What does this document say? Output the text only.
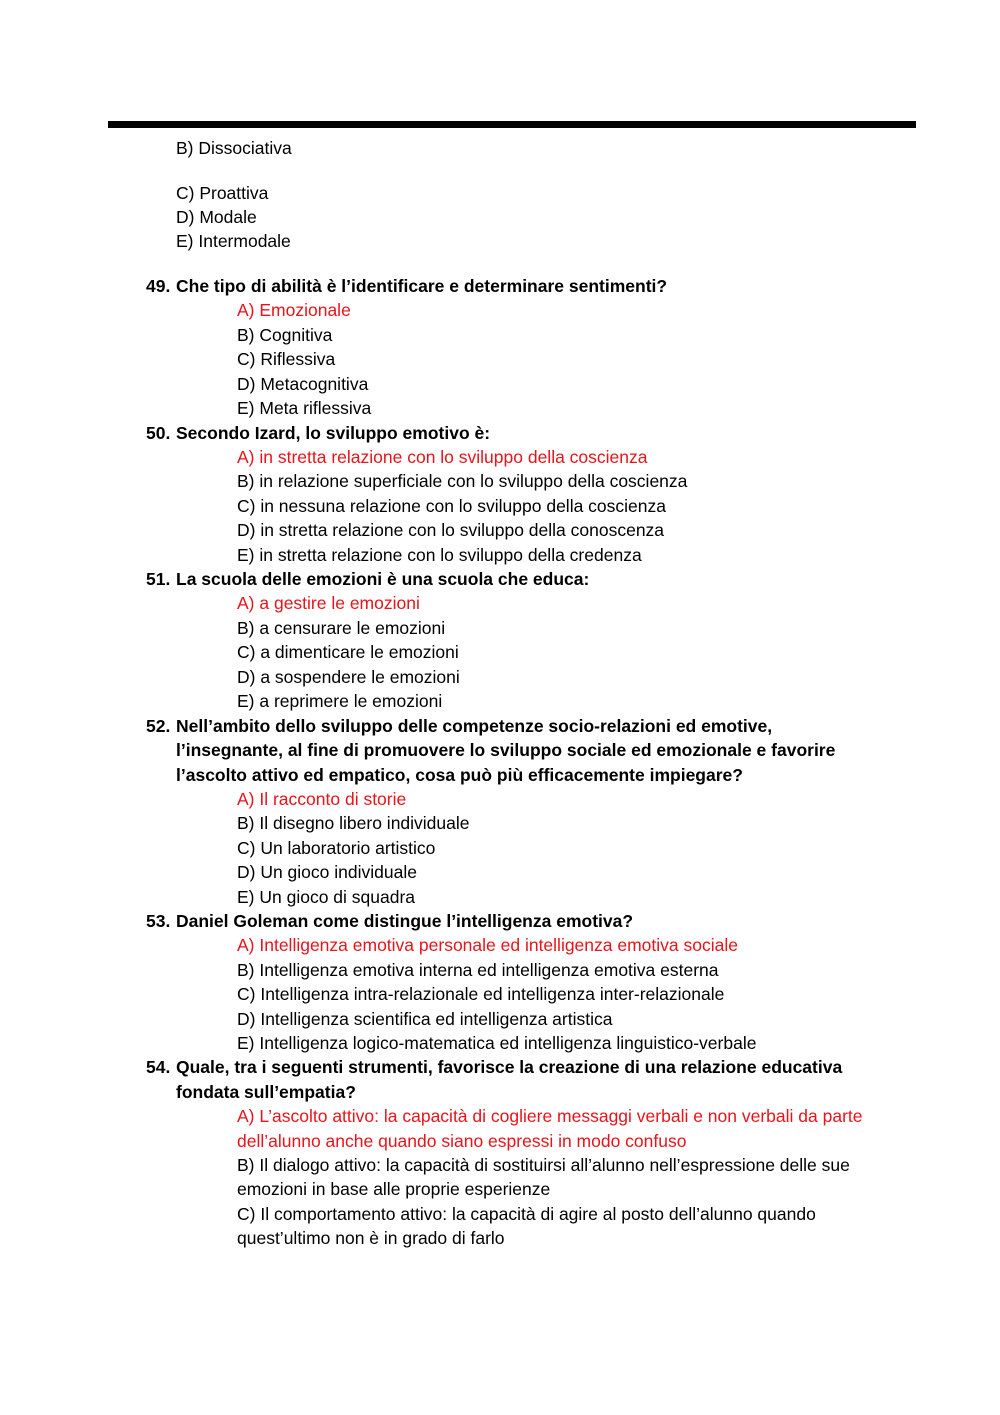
B) Dissociativa
C) Proattiva
D) Modale
E) Intermodale
49. Che tipo di abilità è l’identificare e determinare sentimenti?
A) Emozionale
B) Cognitiva
C) Riflessiva
D) Metacognitiva
E) Meta riflessiva
50. Secondo Izard, lo sviluppo emotivo è:
A) in stretta relazione con lo sviluppo della coscienza
B) in relazione superficiale con lo sviluppo della coscienza
C) in nessuna relazione con lo sviluppo della coscienza
D) in stretta relazione con lo sviluppo della conoscenza
E) in stretta relazione con lo sviluppo della credenza
51. La scuola delle emozioni è una scuola che educa:
A) a gestire le emozioni
B) a censurare le emozioni
C) a dimenticare le emozioni
D) a sospendere le emozioni
E) a reprimere le emozioni
52. Nell’ambito dello sviluppo delle competenze socio-relazioni ed emotive,
l’insegnante, al fine di promuovere lo sviluppo sociale ed emozionale e favorire
l’ascolto attivo ed empatico, cosa può più efficacemente impiegare?
A) Il racconto di storie
B) Il disegno libero individuale
C) Un laboratorio artistico
D) Un gioco individuale
E) Un gioco di squadra
53. Daniel Goleman come distingue l’intelligenza emotiva?
A) Intelligenza emotiva personale ed intelligenza emotiva sociale
B) Intelligenza emotiva interna ed intelligenza emotiva esterna
C) Intelligenza intra-relazionale ed intelligenza inter-relazionale
D) Intelligenza scientifica ed intelligenza artistica
E) Intelligenza logico-matematica ed intelligenza linguistico-verbale
54. Quale, tra i seguenti strumenti, favorisce la creazione di una relazione educativa
fondata sull’empatia?
A) L’ascolto attivo: la capacità di cogliere messaggi verbali e non verbali da parte
dell’alunno anche quando siano espressi in modo confuso
B) Il dialogo attivo: la capacità di sostituirsi all’alunno nell’espressione delle sue
emozioni in base alle proprie esperienze
C) Il comportamento attivo: la capacità di agire al posto dell’alunno quando
quest’ultimo non è in grado di farlo
